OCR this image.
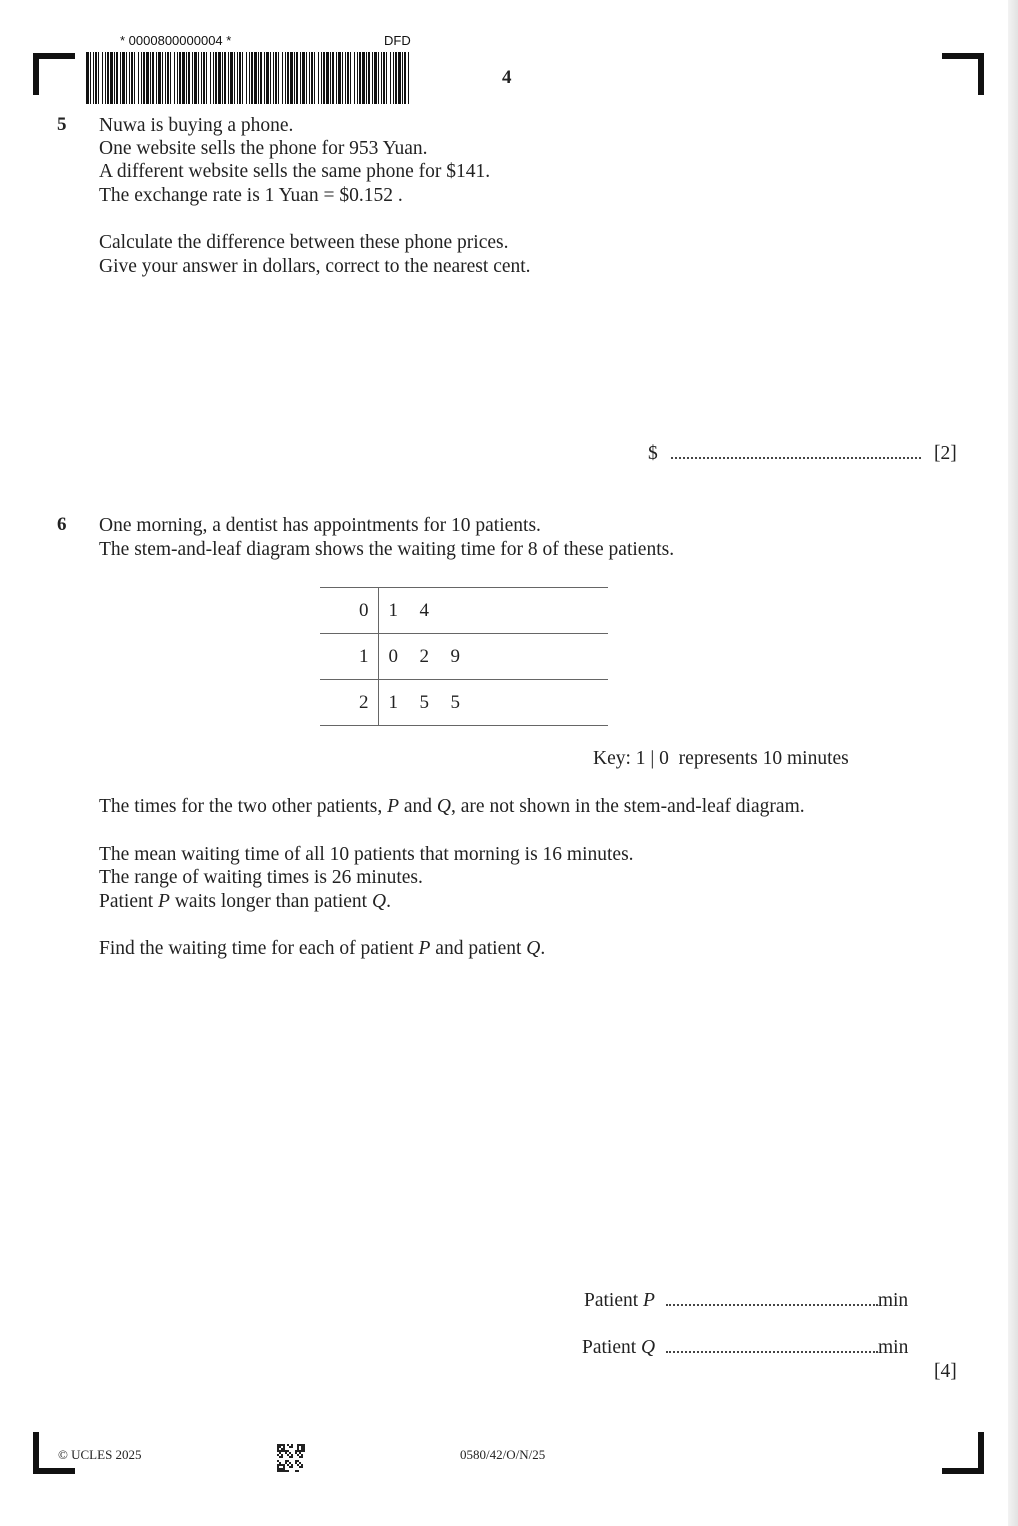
* 0000800000004 *	DFD
4
5 Nuwa is buying a phone.
One website sells the phone for 953 Yuan.
A different website sells the same phone for $141.
The exchange rate is 1 Yuan = $0.152 .
Calculate the difference between these phone prices.
Give your answer in dollars, correct to the nearest cent.
$	[2]
6 One morning, a dentist has appointments for 10 patients.
The stem-and-leaf diagram shows the waiting time for 8 of these patients.
0	1 4
1	0 2 9
2	1 5 5
Key: 1 | 0  represents 10 minutes
The times for the two other patients, P and Q, are not shown in the stem-and-leaf diagram.
The mean waiting time of all 10 patients that morning is 16 minutes.
The range of waiting times is 26 minutes.
Patient P waits longer than patient Q.
Find the waiting time for each of patient P and patient Q.
Patient P	min
Patient Q	min
[4]
© UCLES 2025	0580/42/O/N/25
